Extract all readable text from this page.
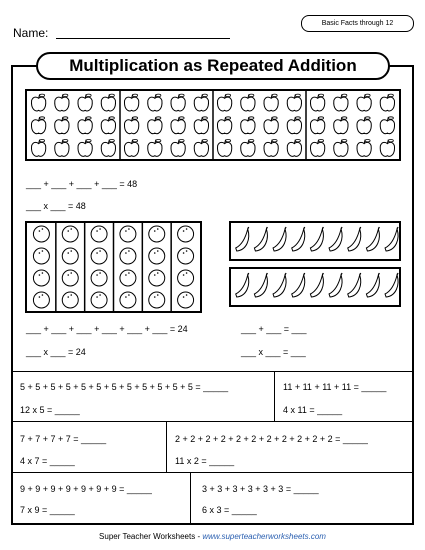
Name:
Basic Facts through 12
Multiplication as Repeated Addition
___ + ___ + ___ + ___ = 48
___ x ___ = 48
___ + ___ + ___ + ___ + ___ + ___ = 24
___ x ___ = 24
___ + ___ = ___
___ x ___ = ___
5 + 5 + 5 + 5 + 5 + 5 + 5 + 5 + 5 + 5 + 5 + 5 = _____
12 x 5 = _____
11 + 11 + 11 + 11 = _____
4 x 11 = _____
7 + 7 + 7 + 7 = _____
4 x 7 = _____
2 + 2 + 2 + 2 + 2 + 2 + 2 + 2 + 2 + 2 + 2 = _____
11 x 2 = _____
9 + 9 + 9 + 9 + 9 + 9 + 9 = _____
7 x 9 = _____
3 + 3 + 3 + 3 + 3 + 3 = _____
6 x 3 = _____
Super Teacher Worksheets - www.superteacherworksheets.com
